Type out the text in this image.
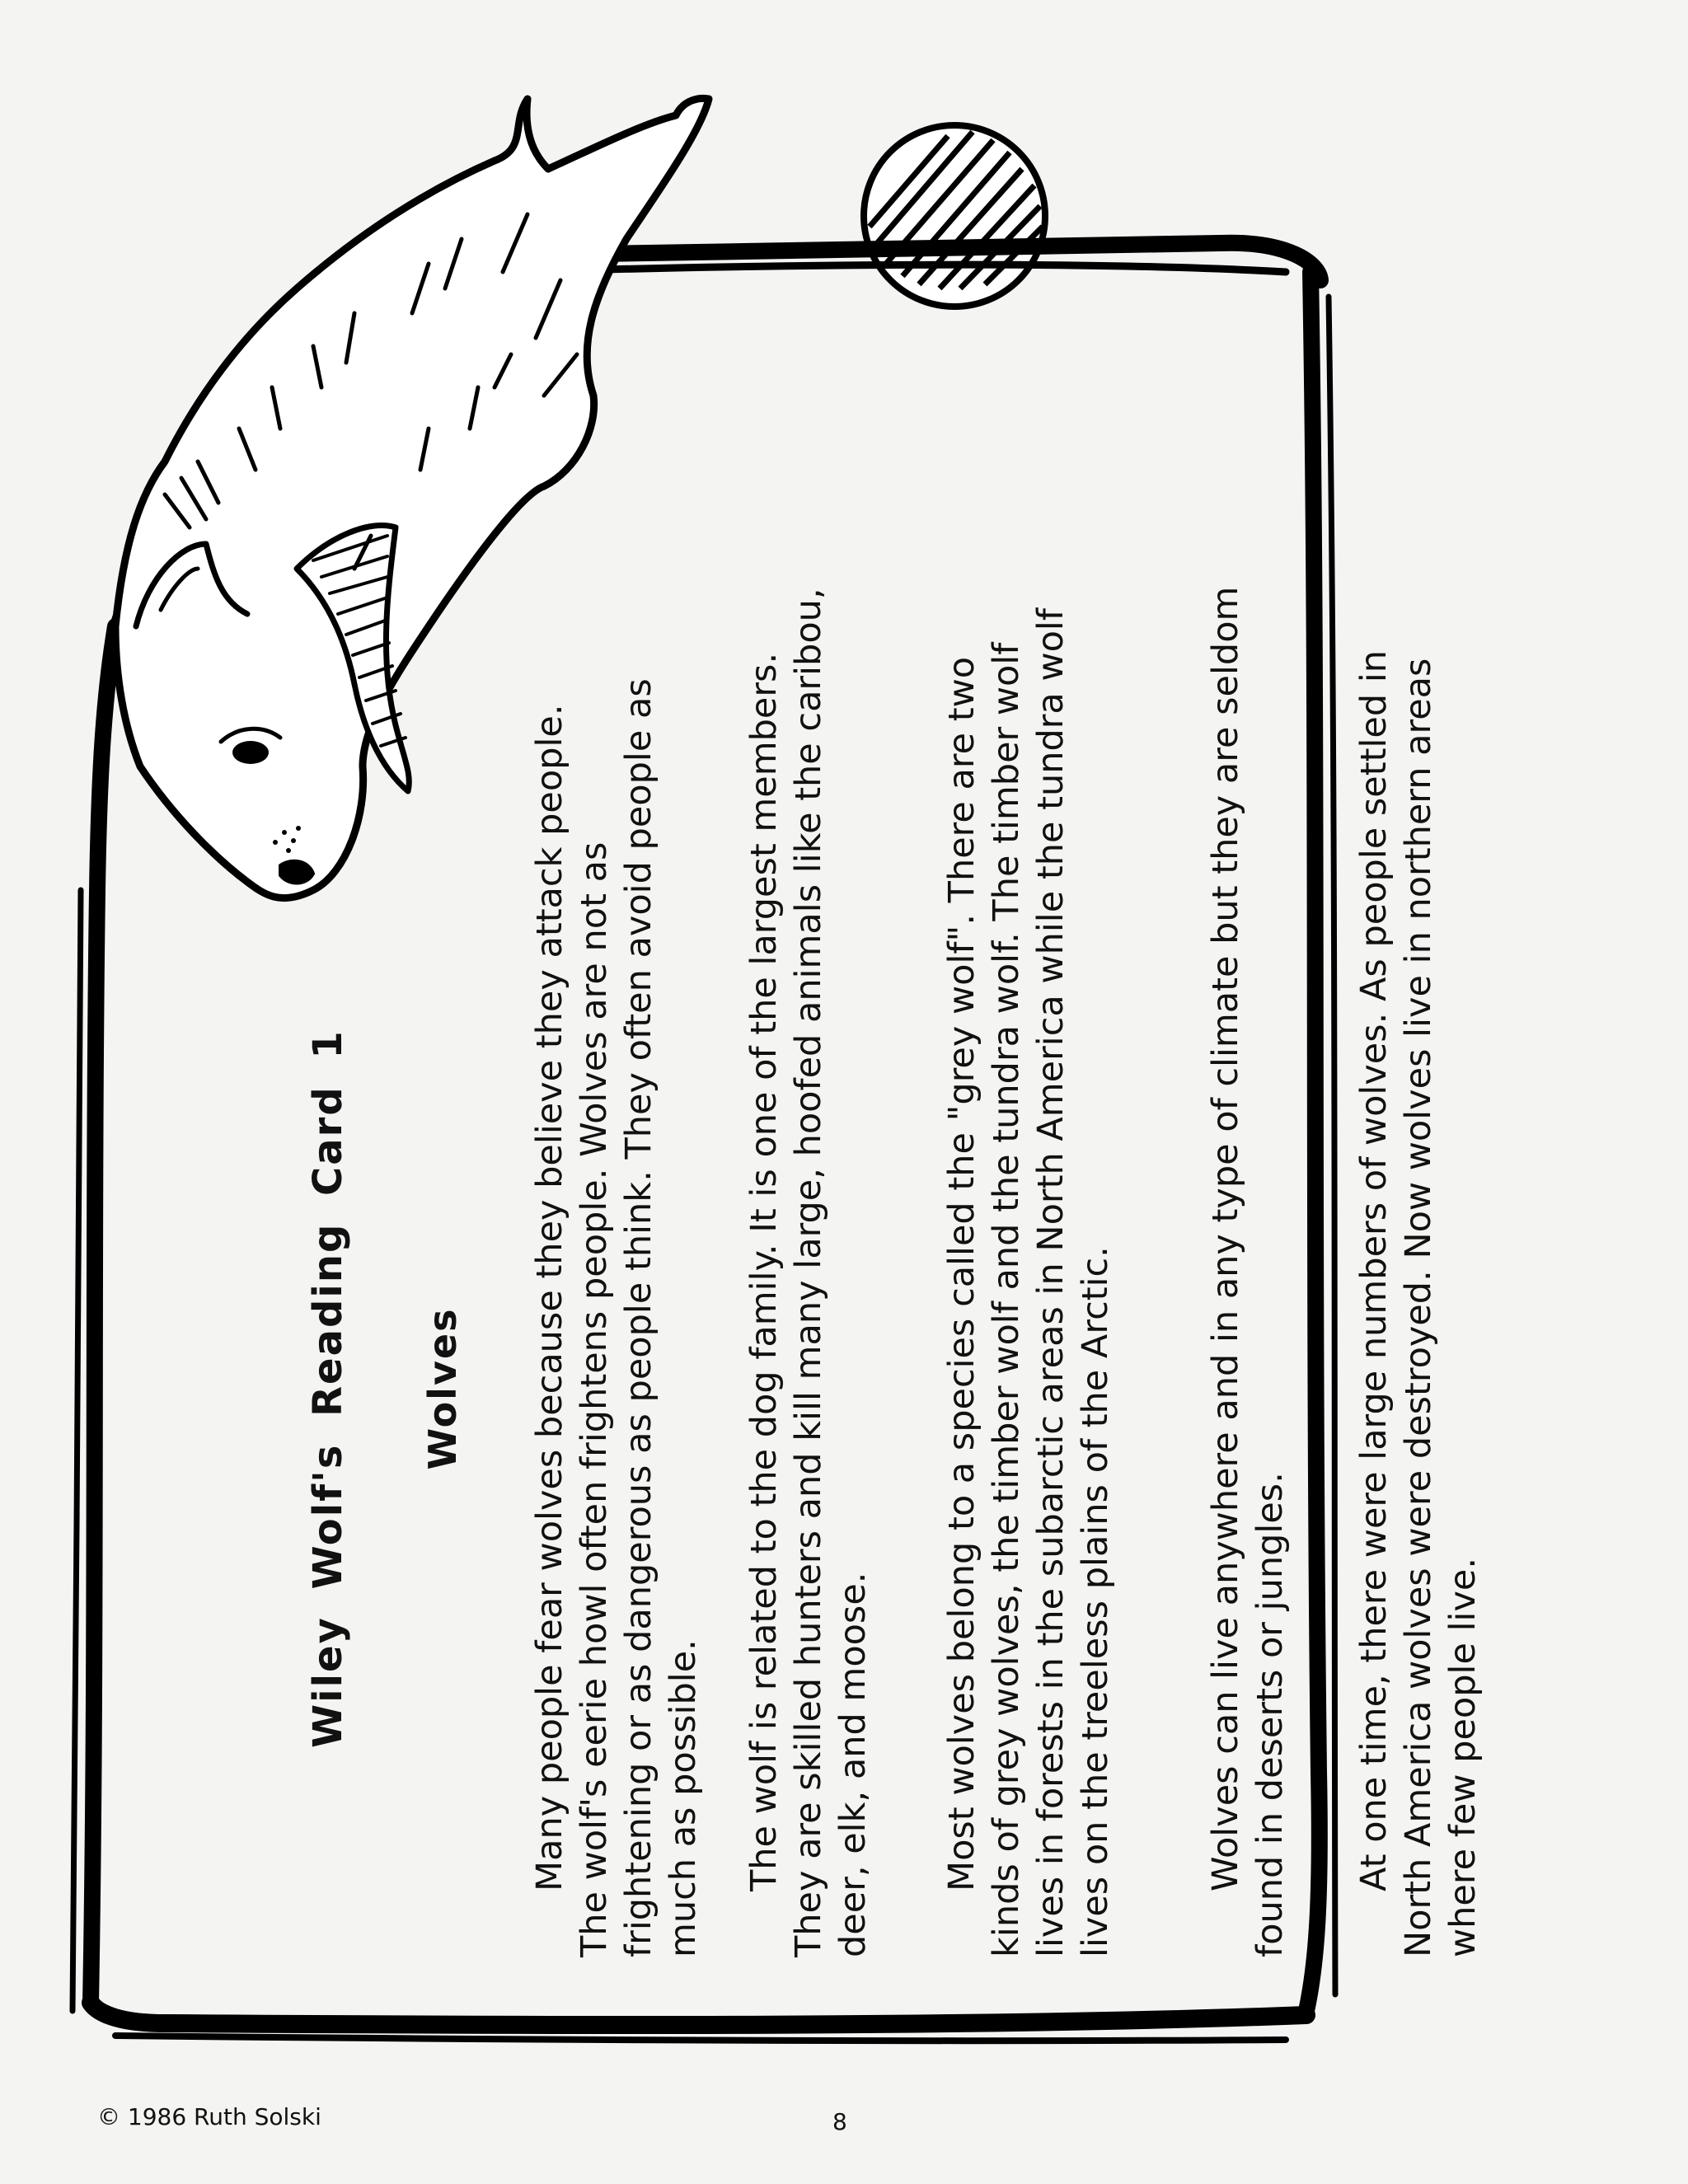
Wiley Wolf's Reading Card 1 Wolves Many people fear wolves because they believe they attack people. The wolf's eerie howl often frightens people. Wolves are not as frightening or as dangerous as people think. They often avoid people as much as possible. The wolf is related to the dog family. It is one of the largest members. They are skilled hunters and kill many large, hoofed animals like the caribou, deer, elk, and moose. Most wolves belong to a species called the "grey wolf". There are two kinds of grey wolves, the timber wolf and the tundra wolf. The timber wolf lives in forests in the subarctic areas in North America while the tundra wolf lives on the treeless plains of the Arctic.	Wolves can live anywhere and in any type of climate but they are seldom found in deserts or jungles. At one time, there were large numbers of wolves. As people settled in North America wolves were destroyed. Now wolves live in northern areas where few people live.

© 1986 Ruth Solski	8
